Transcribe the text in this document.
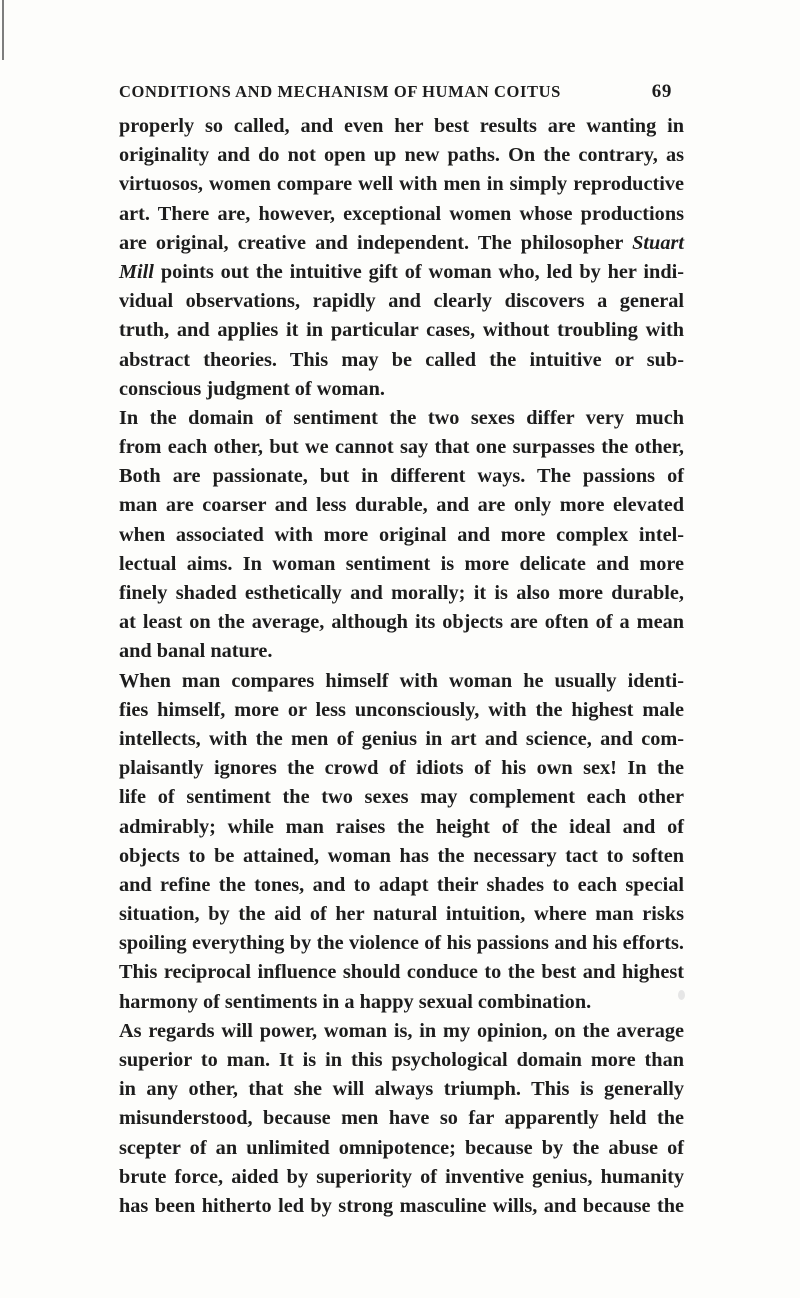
CONDITIONS AND MECHANISM OF HUMAN COITUS	69
properly so called, and even her best results are wanting in
originality and do not open up new paths. On the contrary, as
virtuosos, women compare well with men in simply reproductive
art. There are, however, exceptional women whose productions
are original, creative and independent. The philosopher Stuart
Mill points out the intuitive gift of woman who, led by her indi-
vidual observations, rapidly and clearly discovers a general
truth, and applies it in particular cases, without troubling with
abstract theories. This may be called the intuitive or sub-
conscious judgment of woman.
In the domain of sentiment the two sexes differ very much
from each other, but we cannot say that one surpasses the other,
Both are passionate, but in different ways. The passions of
man are coarser and less durable, and are only more elevated
when associated with more original and more complex intel-
lectual aims. In woman sentiment is more delicate and more
finely shaded esthetically and morally; it is also more durable,
at least on the average, although its objects are often of a mean
and banal nature.
When man compares himself with woman he usually identi-
fies himself, more or less unconsciously, with the highest male
intellects, with the men of genius in art and science, and com-
plaisantly ignores the crowd of idiots of his own sex! In the
life of sentiment the two sexes may complement each other
admirably; while man raises the height of the ideal and of
objects to be attained, woman has the necessary tact to soften
and refine the tones, and to adapt their shades to each special
situation, by the aid of her natural intuition, where man risks
spoiling everything by the violence of his passions and his efforts.
This reciprocal influence should conduce to the best and highest
harmony of sentiments in a happy sexual combination.
As regards will power, woman is, in my opinion, on the average
superior to man. It is in this psychological domain more than
in any other, that she will always triumph. This is generally
misunderstood, because men have so far apparently held the
scepter of an unlimited omnipotence; because by the abuse of
brute force, aided by superiority of inventive genius, humanity
has been hitherto led by strong masculine wills, and because the
